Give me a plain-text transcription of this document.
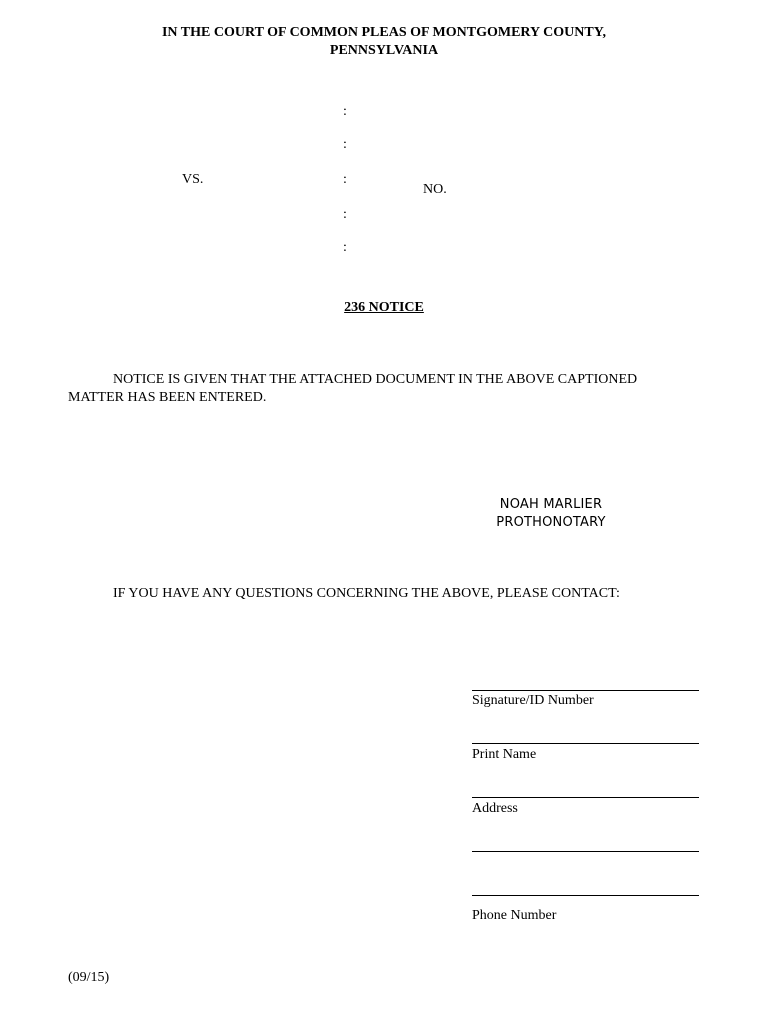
IN THE COURT OF COMMON PLEAS OF MONTGOMERY COUNTY,
PENNSYLVANIA
:
:
:
:
:
VS.
NO.
236 NOTICE
NOTICE IS GIVEN THAT THE ATTACHED DOCUMENT IN THE ABOVE CAPTIONED
MATTER HAS BEEN ENTERED.
NOAH MARLIER
PROTHONOTARY
IF YOU HAVE ANY QUESTIONS CONCERNING THE ABOVE, PLEASE CONTACT:
Signature/ID Number
Print Name
Address
Phone Number
(09/15)
